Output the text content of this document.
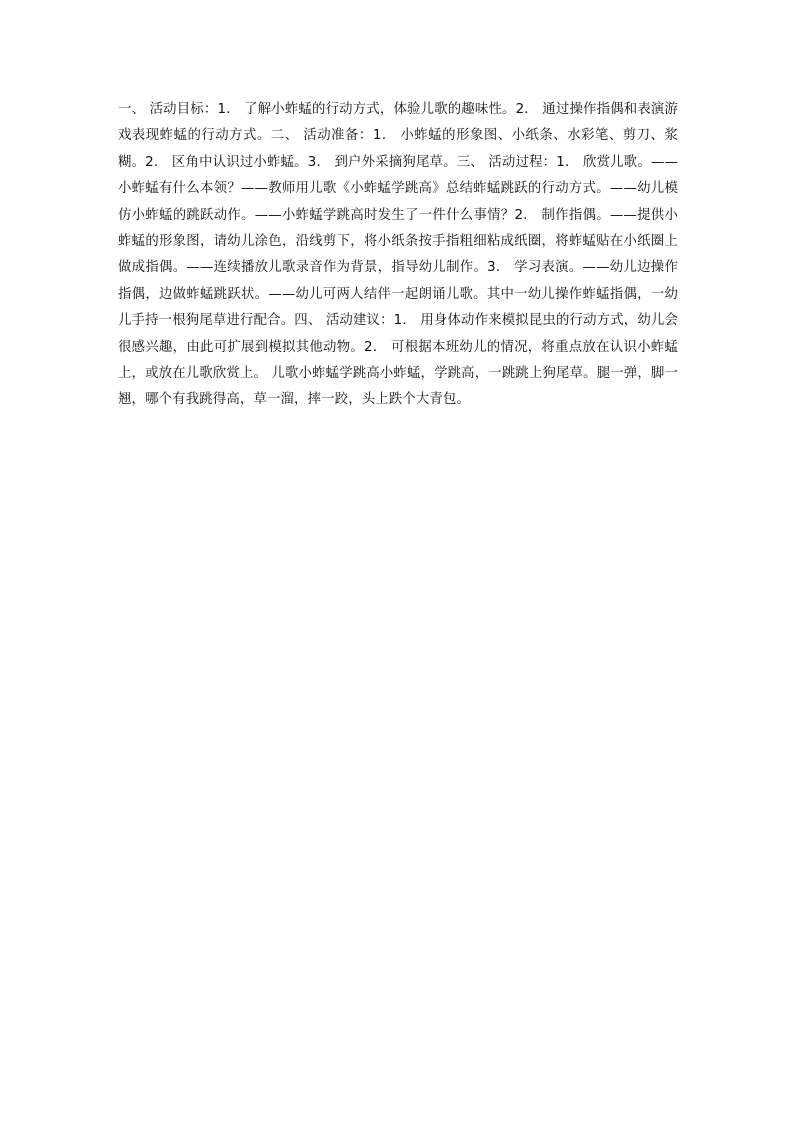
一、 活动目标：1． 了解小蚱蜢的行动方式，体验儿歌的趣味性。2． 通过操作指偶和表演游戏表现蚱蜢的行动方式。二、 活动准备：1． 小蚱蜢的形象图、小纸条、水彩笔、剪刀、浆糊。2． 区角中认识过小蚱蜢。3． 到户外采摘狗尾草。三、 活动过程：1． 欣赏儿歌。——小蚱蜢有什么本领？——教师用儿歌《小蚱蜢学跳高》总结蚱蜢跳跃的行动方式。——幼儿模仿小蚱蜢的跳跃动作。——小蚱蜢学跳高时发生了一件什么事情？2． 制作指偶。——提供小蚱蜢的形象图，请幼儿涂色，沿线剪下，将小纸条按手指粗细粘成纸圈，将蚱蜢贴在小纸圈上做成指偶。——连续播放儿歌录音作为背景，指导幼儿制作。3． 学习表演。——幼儿边操作指偶，边做蚱蜢跳跃状。——幼儿可两人结伴一起朗诵儿歌。其中一幼儿操作蚱蜢指偶，一幼儿手持一根狗尾草进行配合。四、 活动建议：1． 用身体动作来模拟昆虫的行动方式，幼儿会很感兴趣，由此可扩展到模拟其他动物。2． 可根据本班幼儿的情况，将重点放在认识小蚱蜢上，或放在儿歌欣赏上。 儿歌小蚱蜢学跳高小蚱蜢，学跳高，一跳跳上狗尾草。腿一弹，脚一翘，哪个有我跳得高，草一溜，摔一跤，头上跌个大青包。
